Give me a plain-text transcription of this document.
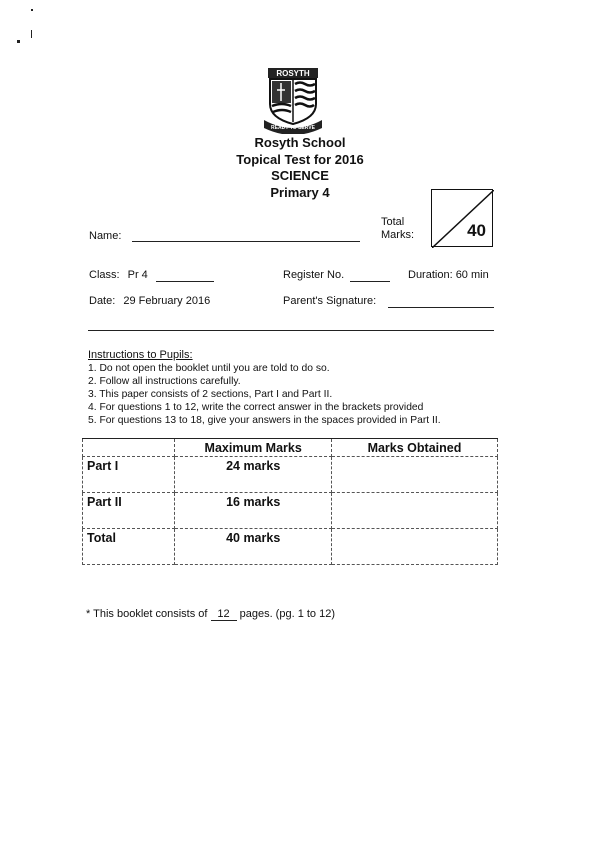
ROSYTH
READY TO SERVE
Rosyth School
Topical Test for 2016
SCIENCE
Primary 4
Name:
Total
Marks:	40
Class: Pr 4	Register No.	Duration: 60 min
Date: 29 February 2016	Parent's Signature:
Instructions to Pupils:
1. Do not open the booklet until you are told to do so.
2. Follow all instructions carefully.
3. This paper consists of 2 sections, Part I and Part II.
4. For questions 1 to 12, write the correct answer in the brackets provided
5. For questions 13 to 18, give your answers in the spaces provided in Part II.
	Maximum Marks	Marks Obtained
Part I	24 marks	
Part II	16 marks	
Total	40 marks	
* This booklet consists of 12 pages. (pg. 1 to 12)
